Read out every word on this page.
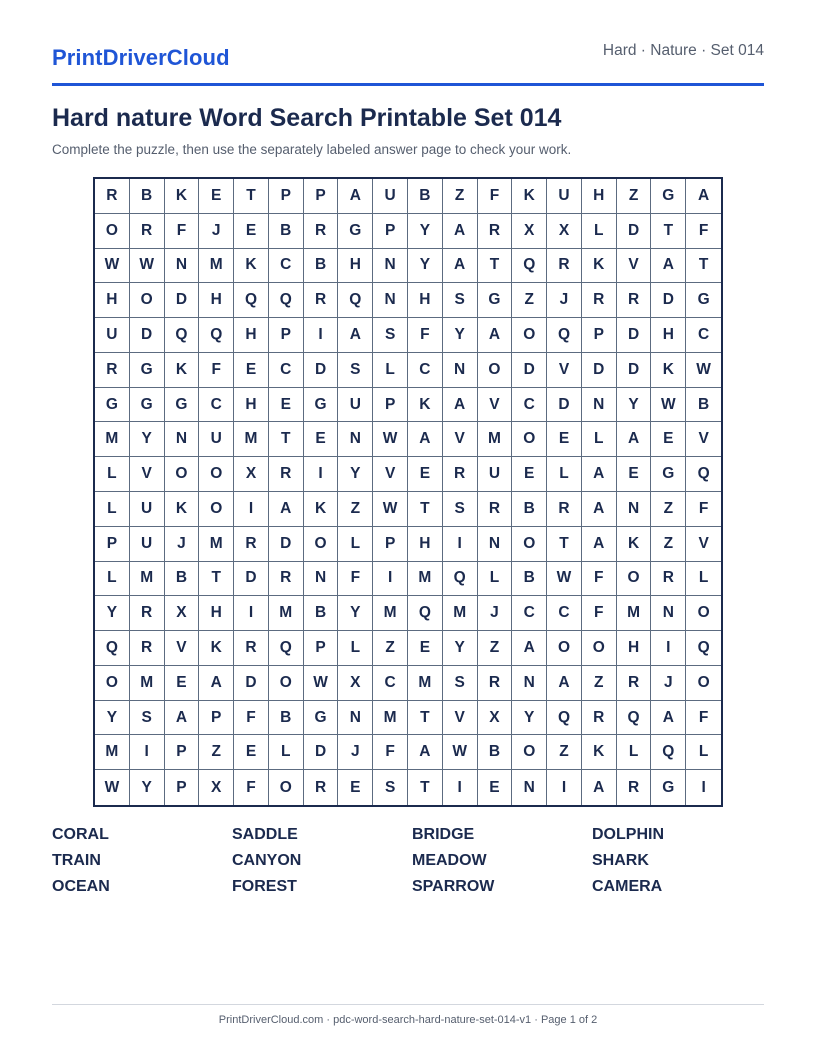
PrintDriverCloud	Hard · Nature · Set 014
Hard nature Word Search Printable Set 014
Complete the puzzle, then use the separately labeled answer page to check your work.
R	B	K	E	T	P	P	A	U	B	Z	F	K	U	H	Z	G	A
O	R	F	J	E	B	R	G	P	Y	A	R	X	X	L	D	T	F
W	W	N	M	K	C	B	H	N	Y	A	T	Q	R	K	V	A	T
H	O	D	H	Q	Q	R	Q	N	H	S	G	Z	J	R	R	D	G
U	D	Q	Q	H	P	I	A	S	F	Y	A	O	Q	P	D	H	C
R	G	K	F	E	C	D	S	L	C	N	O	D	V	D	D	K	W
G	G	G	C	H	E	G	U	P	K	A	V	C	D	N	Y	W	B
M	Y	N	U	M	T	E	N	W	A	V	M	O	E	L	A	E	V
L	V	O	O	X	R	I	Y	V	E	R	U	E	L	A	E	G	Q
L	U	K	O	I	A	K	Z	W	T	S	R	B	R	A	N	Z	F
P	U	J	M	R	D	O	L	P	H	I	N	O	T	A	K	Z	V
L	M	B	T	D	R	N	F	I	M	Q	L	B	W	F	O	R	L
Y	R	X	H	I	M	B	Y	M	Q	M	J	C	C	F	M	N	O
Q	R	V	K	R	Q	P	L	Z	E	Y	Z	A	O	O	H	I	Q
O	M	E	A	D	O	W	X	C	M	S	R	N	A	Z	R	J	O
Y	S	A	P	F	B	G	N	M	T	V	X	Y	Q	R	Q	A	F
M	I	P	Z	E	L	D	J	F	A	W	B	O	Z	K	L	Q	L
W	Y	P	X	F	O	R	E	S	T	I	E	N	I	A	R	G	I
CORAL	SADDLE	BRIDGE	DOLPHIN
TRAIN	CANYON	MEADOW	SHARK
OCEAN	FOREST	SPARROW	CAMERA
PrintDriverCloud.com · pdc-word-search-hard-nature-set-014-v1 · Page 1 of 2
